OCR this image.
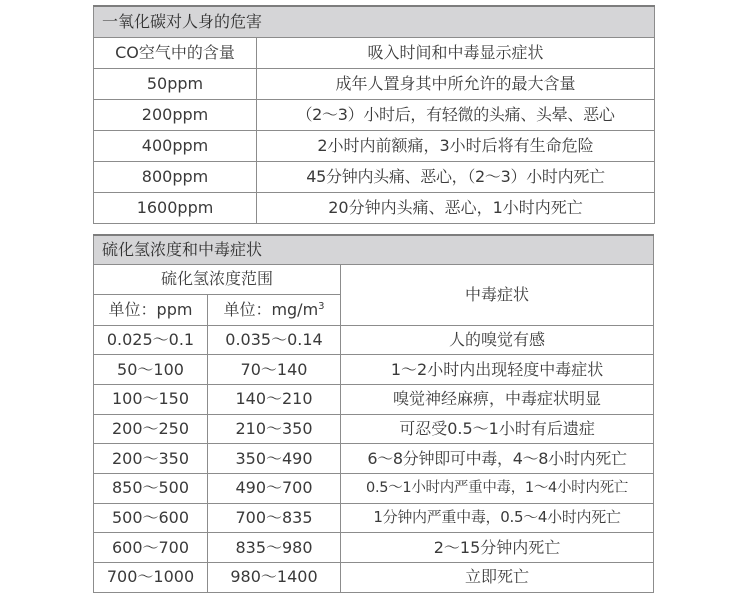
一氧化碳对人身的危害	
CO空气中的含量	吸入时间和中毒显示症状
50ppm	成年人置身其中所允许的最大含量
200ppm	（2～3）小时后，有轻微的头痛、头晕、恶心
400ppm	2小时内前额痛，3小时后将有生命危险
800ppm	45分钟内头痛、恶心，（2～3）小时内死亡
1600ppm	20分钟内头痛、恶心，1小时内死亡
硫化氢浓度和中毒症状		
硫化氢浓度范围		中毒症状
单位：ppm	单位：$mg/m^3$
0.025～0.1	0.035～0.14	人的嗅觉有感
50～100	70～140	1～2小时内出现轻度中毒症状
100～150	140～210	嗅觉神经麻痹，中毒症状明显
200～250	210～350	可忍受0.5～1小时有后遗症
200～350	350～490	6～8分钟即可中毒，4～8小时内死亡
850～500	490～700	0.5～1小时内严重中毒，1～4小时内死亡
500～600	700～835	1分钟内严重中毒，0.5～4小时内死亡
600～700	835～980	2～15分钟内死亡
700～1000	980～1400	立即死亡
